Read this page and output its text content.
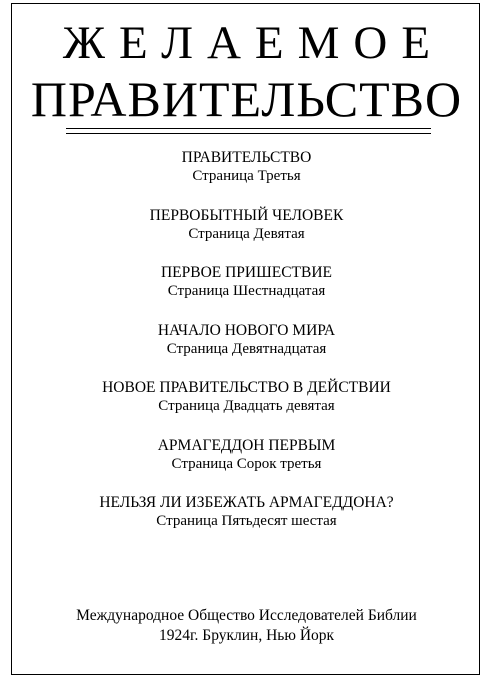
ЖЕЛАЕМОЕ
ПРАВИТЕЛЬСТВО
ПРАВИТЕЛЬСТВО
Страница Третья
ПЕРВОБЫТНЫЙ ЧЕЛОВЕК
Страница Девятая
ПЕРВОЕ ПРИШЕСТВИЕ
Страница Шестнадцатая
НАЧАЛО НОВОГО МИРА
Страница Девятнадцатая
НОВОЕ ПРАВИТЕЛЬСТВО В ДЕЙСТВИИ
Страница Двадцать девятая
АРМАГЕДДОН ПЕРВЫМ
Страница Сорок третья
НЕЛЬЗЯ ЛИ ИЗБЕЖАТЬ АРМАГЕДДОНА?
Страница Пятьдесят шестая
Международное Общество Исследователей Библии
1924г. Бруклин, Нью Йорк
